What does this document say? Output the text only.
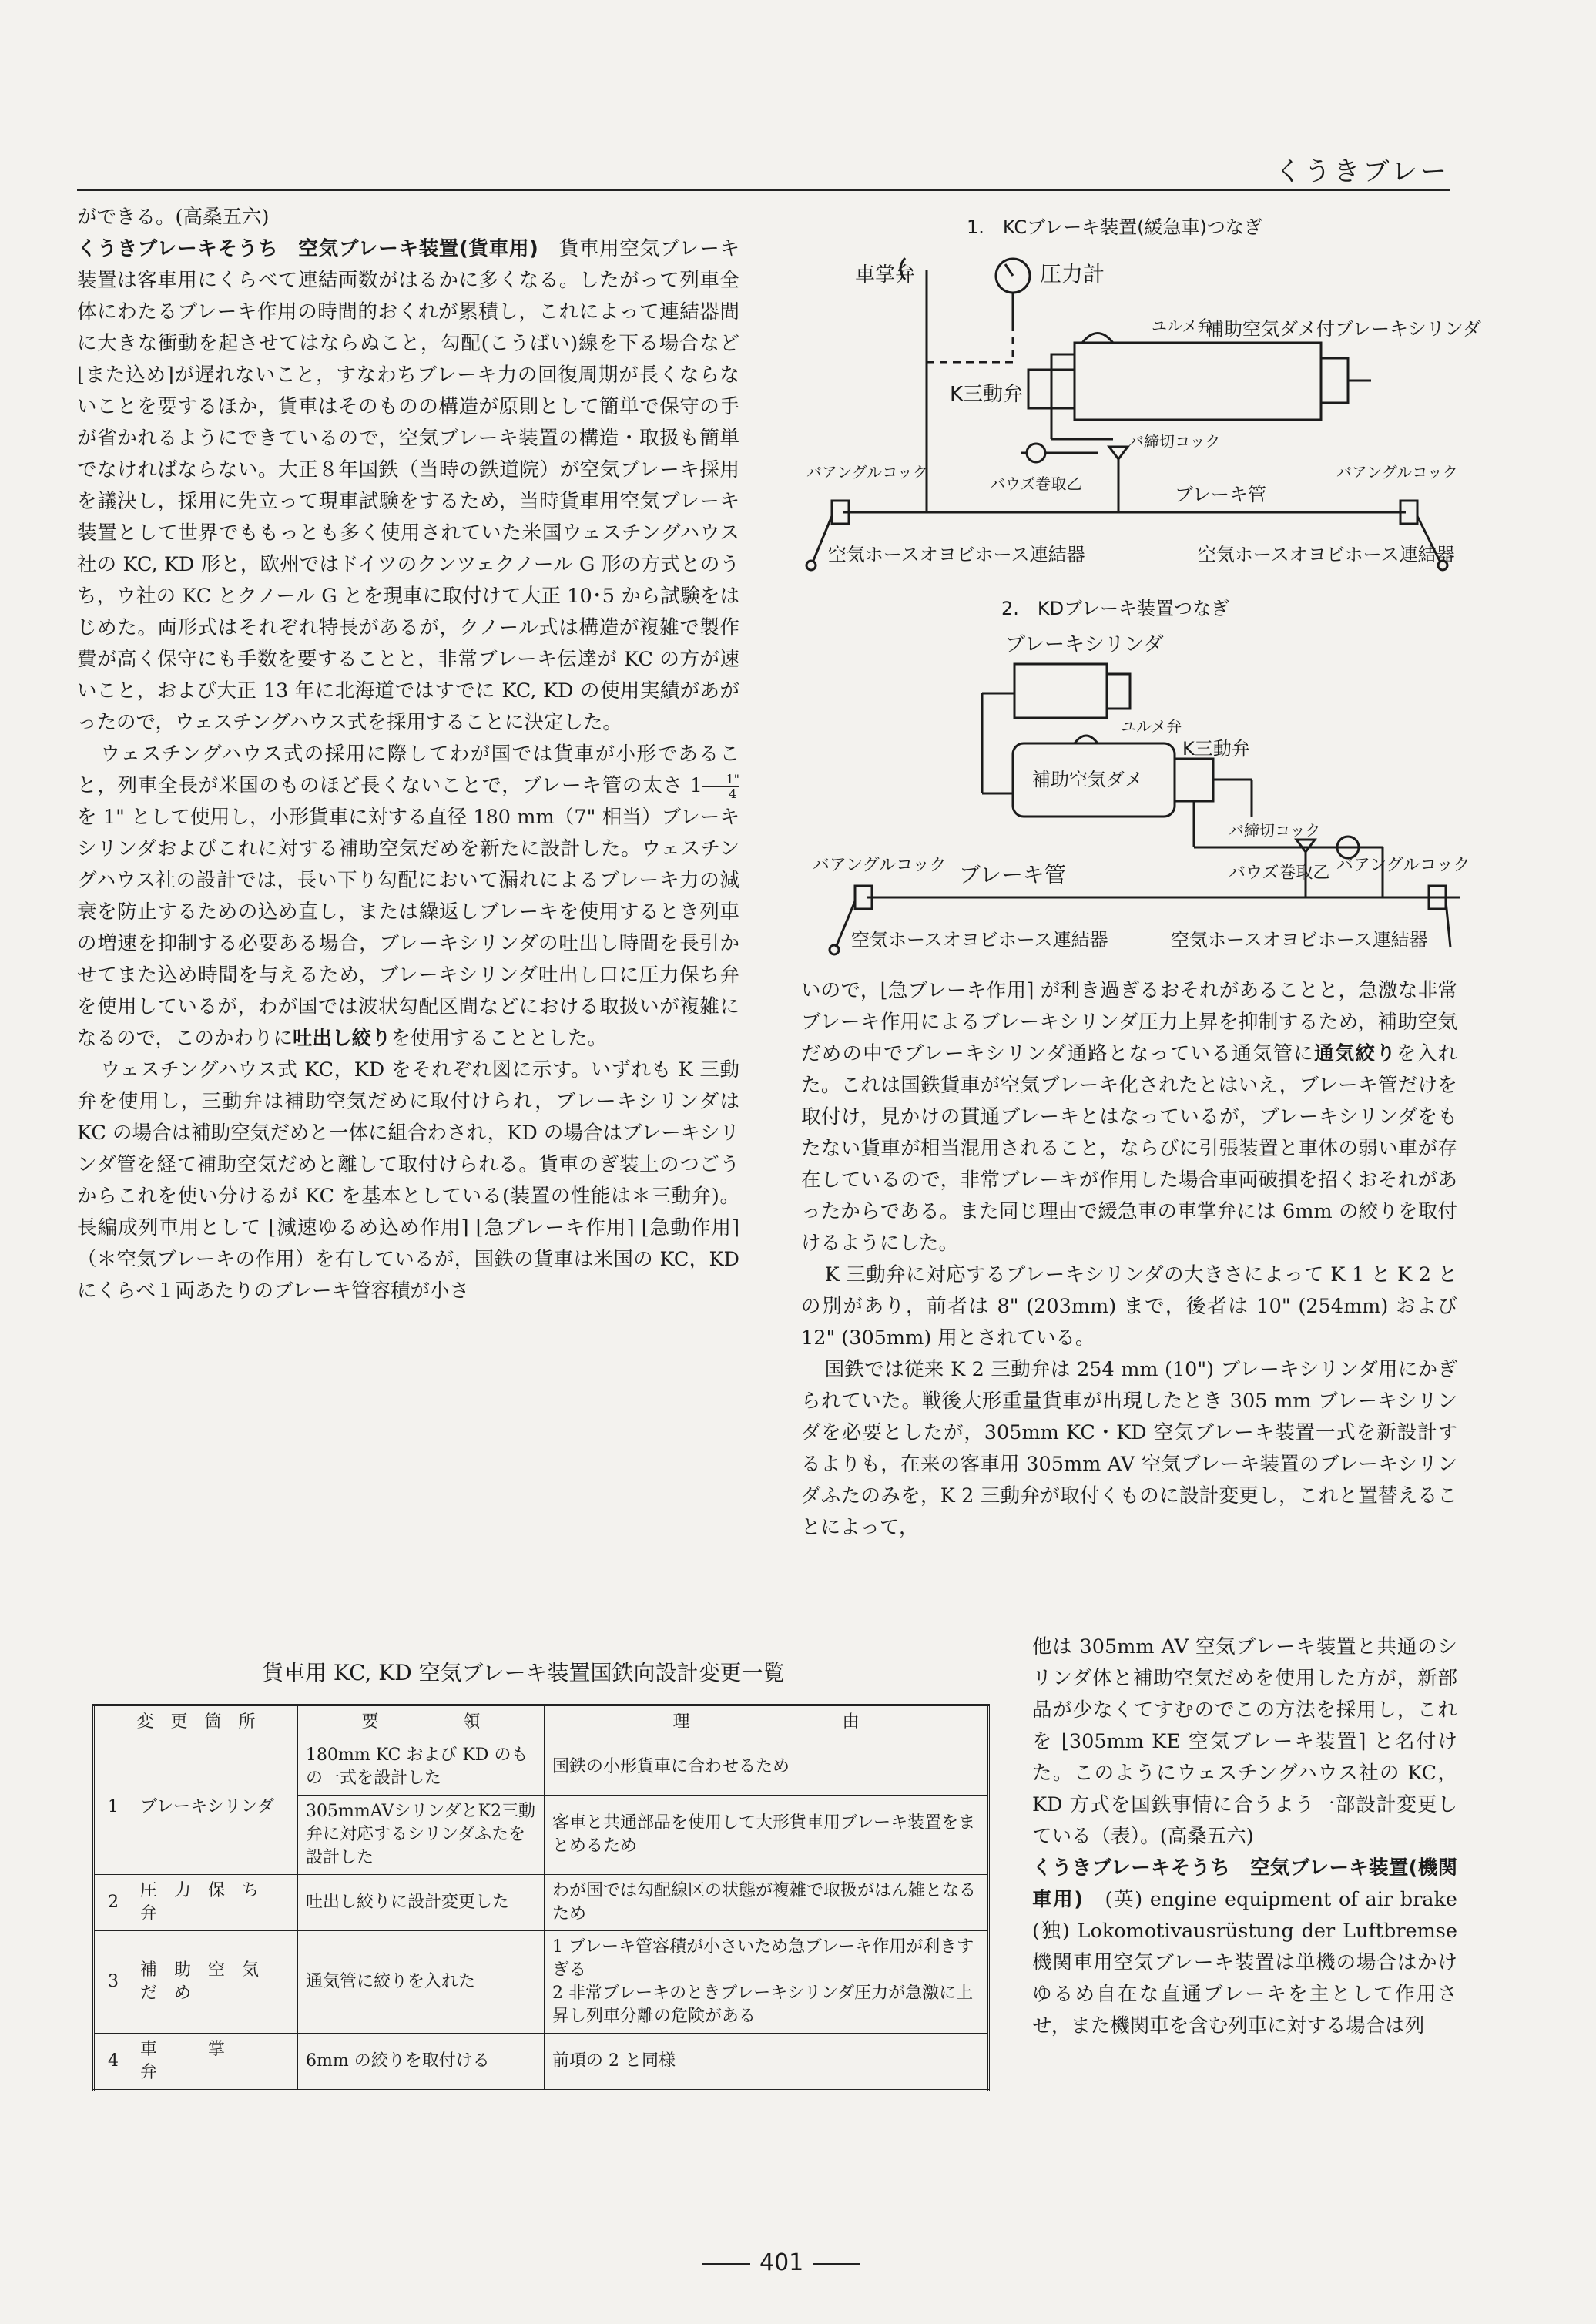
くうきブレー

ができる。(高桑五六)

くうきブレーキそうち　空気ブレーキ装置(貨車用)　貨車用空気ブレーキ装置は客車用にくらべて連結両数がはるかに多くなる。したがって列車全体にわたるブレーキ作用の時間的おくれが累積し，これによって連結器間に大きな衝動を起させてはならぬこと，勾配(こうばい)線を下る場合など⌊また込め⌉が遅れないこと，すなわちブレーキ力の回復周期が長くならないことを要するほか，貨車はそのものの構造が原則として簡単で保守の手が省かれるようにできているので，空気ブレーキ装置の構造・取扱も簡単でなければならない。大正８年国鉄（当時の鉄道院）が空気ブレーキ採用を議決し，採用に先立って現車試験をするため，当時貨車用空気ブレーキ装置として世界でももっとも多く使用されていた米国ウェスチングハウス社の KC, KD 形と，欧州ではドイツのクンツェクノール G 形の方式とのうち，ウ社の KC とクノール G とを現車に取付けて大正 10･5 から試験をはじめた。両形式はそれぞれ特長があるが，クノール式は構造が複雑で製作費が高く保守にも手数を要することと，非常ブレーキ伝達が KC の方が速いこと，および大正 13 年に北海道ではすでに KC, KD の使用実績があがったので，ウェスチングハウス式を採用することに決定した。

ウェスチングハウス式の採用に際してわが国では貨車が小形であること，列車全長が米国のものほど長くないことで，ブレーキ管の太さ $1 \frac{1"}{4}$
を 1" として使用し，小形貨車に対する直径 180 mm（7" 相当）ブレーキシリンダおよびこれに対する補助空気だめを新たに設計した。ウェスチングハウス社の設計では，長い下り勾配において漏れによるブレーキ力の減衰を防止するための込め直し，または繰返しブレーキを使用するとき列車の増速を抑制する必要ある場合，ブレーキシリンダの吐出し時間を長引かせてまた込め時間を与えるため，ブレーキシリンダ吐出し口に圧力保ち弁を使用しているが，わが国では波状勾配区間などにおける取扱いが複雑になるので，このかわりに吐出し絞りを使用することとした。

ウェスチングハウス式 KC，KD をそれぞれ図に示す。いずれも K 三動弁を使用し，三動弁は補助空気だめに取付けられ，ブレーキシリンダは KC の場合は補助空気だめと一体に組合わされ，KD の場合はブレーキシリンダ管を経て補助空気だめと離して取付けられる。貨車のぎ装上のつごうからこれを使い分けるが KC を基本としている(装置の性能は＊三動弁)。長編成列車用として ⌊減速ゆるめ込め作用⌉ ⌊急ブレーキ作用⌉ ⌊急動作用⌉（＊空気ブレーキの作用）を有しているが，国鉄の貨車は米国の KC，KD にくらべ１両あたりのブレーキ管容積が小さ

1.　KCブレーキ装置(緩急車)つなぎ
車掌弁	圧力計
ユルメ弁
補助空気ダメ付ブレーキシリンダ
K三動弁
バ締切コック
バアングルコック
バウズ巻取乙	ブレーキ管
バアングルコック
空気ホースオヨビホース連結器	空気ホースオヨビホース連結器
2.　KDブレーキ装置つなぎ
ブレーキシリンダ
ユルメ弁
K三動弁
補助空気ダメ
バ締切コック
バアングルコック ブレーキ管	バウズ巻取乙 バアングルコック
空気ホースオヨビホース連結器	空気ホースオヨビホース連結器

いので，⌊急ブレーキ作用⌉ が利き過ぎるおそれがあることと，急激な非常ブレーキ作用によるブレーキシリンダ圧力上昇を抑制するため，補助空気だめの中でブレーキシリンダ通路となっている通気管に通気絞りを入れた。これは国鉄貨車が空気ブレーキ化されたとはいえ，ブレーキ管だけを取付け，見かけの貫通ブレーキとはなっているが，ブレーキシリンダをもたない貨車が相当混用されること，ならびに引張装置と車体の弱い車が存在しているので，非常ブレーキが作用した場合車両破損を招くおそれがあったからである。また同じ理由で緩急車の車掌弁には 6mm の絞りを取付けるようにした。

K 三動弁に対応するブレーキシリンダの大きさによって K 1 と K 2 との別があり，前者は 8" (203mm) まで，後者は 10" (254mm) および 12" (305mm) 用とされている。

国鉄では従来 K 2 三動弁は 254 mm (10") ブレーキシリンダ用にかぎられていた。戦後大形重量貨車が出現したとき 305 mm ブレーキシリンダを必要としたが，305mm KC・KD 空気ブレーキ装置一式を新設計するよりも，在来の客車用 305mm AV 空気ブレーキ装置のブレーキシリンダふたのみを，K 2 三動弁が取付くものに設計変更し，これと置替えることによって，

他は 305mm AV 空気ブレーキ装置と共通のシリンダ体と補助空気だめを使用した方が，新部品が少なくてすむのでこの方法を採用し，これを ⌊305mm KE 空気ブレーキ装置⌉ と名付けた。このようにウェスチングハウス社の KC，KD 方式を国鉄事情に合うよう一部設計変更している（表）。(高桑五六)

くうきブレーキそうち　空気ブレーキ装置(機関車用)　(英) engine equipment of air brake (独) Lokomotivausrüstung der Luftbremse　機関車用空気ブレーキ装置は単機の場合はかけゆるめ自在な直通ブレーキを主として作用させ，また機関車を含む列車に対する場合は列

貨車用 KC, KD 空気ブレーキ装置国鉄向設計変更一覧
変　更　箇　所		要　　　　　領	理　　　　　　　　　由
1	ブレーキシリンダ	180mm KC および KD のもの一式を設計した	国鉄の小形貨車に合わせるため
		305mmAVシリンダとK2三動弁に対応するシリンダふたを設計した	客車と共通部品を使用して大形貨車用ブレーキ装置をまとめるため
2	圧　力　保　ち　弁	吐出し絞りに設計変更した	わが国では勾配線区の状態が複雑で取扱がはん雑となるため
3	補　助　空　気　だ　め	通気管に絞りを入れた	1 ブレーキ管容積が小さいため急ブレーキ作用が利きすぎる
2 非常ブレーキのときブレーキシリンダ圧力が急激に上昇し列車分離の危険がある
4	車　　　掌　　　弁	6mm の絞りを取付ける	前項の 2 と同様
401
